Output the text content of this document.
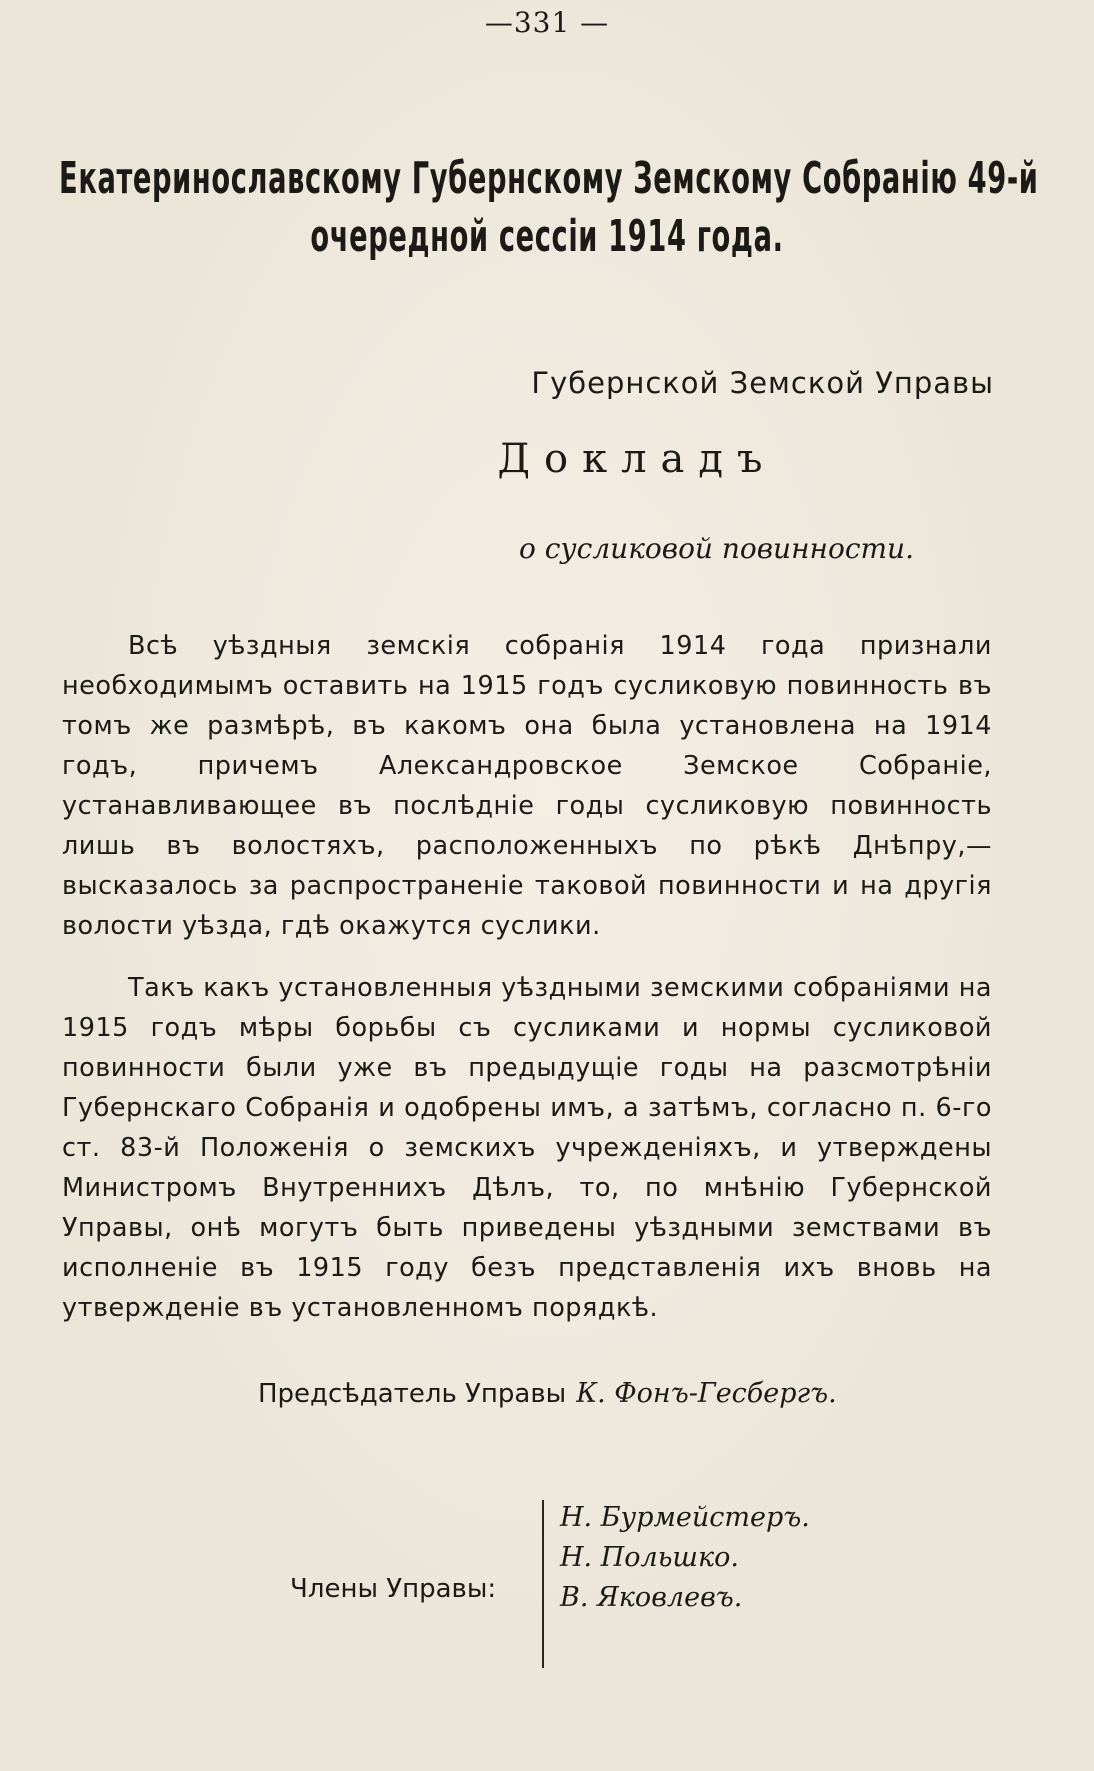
—331 —
Екатеринославскому Губернскому Земскому Собранію 49-й
очередной сессіи 1914 года.
Губернской Земской Управы
Докладъ
о сусликовой повинности.

Всѣ уѣздныя земскія собранія 1914 года признали необходимымъ оставить на 1915 годъ сусликовую повинность въ томъ же размѣрѣ, въ какомъ она была установлена на 1914 годъ, причемъ Александровское Земское Собраніе, устанавливающее въ послѣдніе годы сусликовую повинность лишь въ волостяхъ, расположенныхъ по рѣкѣ Днѣпру,—высказалось за распространеніе таковой повинности и на другія волости уѣзда, гдѣ окажутся суслики.

Такъ какъ установленныя уѣздными земскими собраніями на 1915 годъ мѣры борьбы съ сусликами и нормы сусликовой повинности были уже въ предыдущіе годы на разсмотрѣніи Губернскаго Собранія и одобрены имъ, а затѣмъ, согласно п. 6-го ст. 83-й Положенія о земскихъ учрежденіяхъ, и утверждены Министромъ Внутреннихъ Дѣлъ, то, по мнѣнію Губернской Управы, онѣ могутъ быть приведены уѣздными земствами въ исполненіе въ 1915 году безъ представленія ихъ вновь на утвержденіе въ установленномъ порядкѣ.

Предсѣдатель Управы К. Фонъ-Гесбергъ.
Члены Управы:
Н. Бурмейстеръ.
Н. Польшко.
В. Яковлевъ.
